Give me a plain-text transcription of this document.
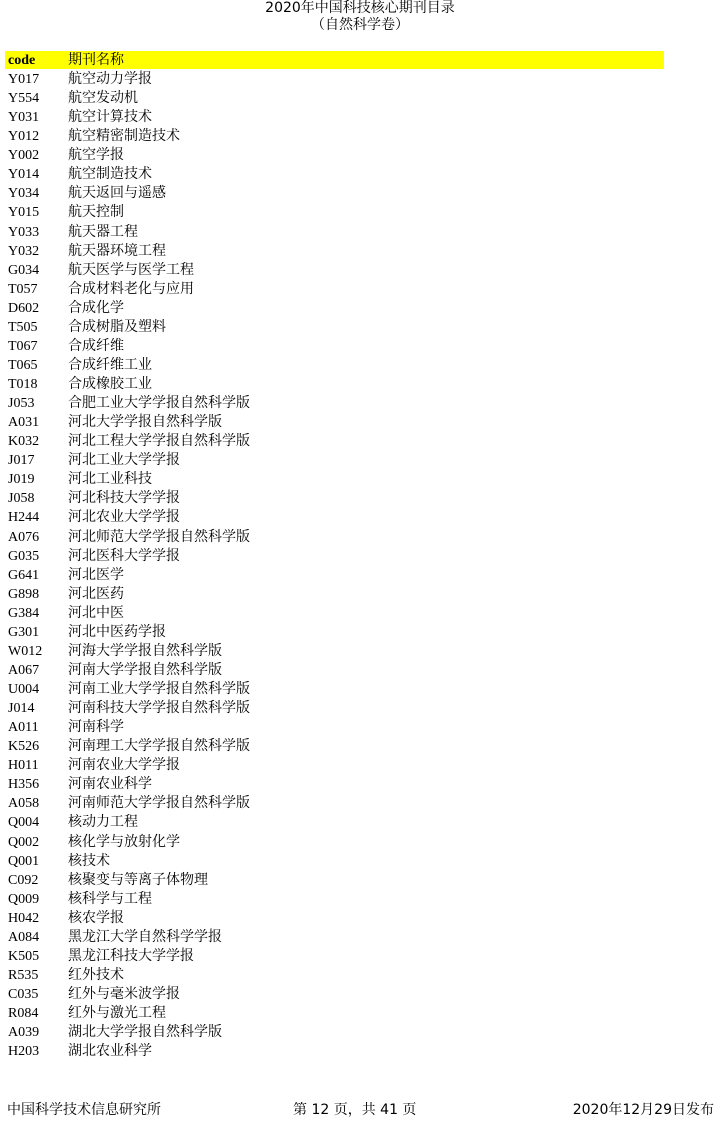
2020年中国科技核心期刊目录
（自然科学卷）
code 期刊名称
Y017 航空动力学报
Y554 航空发动机
Y031 航空计算技术
Y012 航空精密制造技术
Y002 航空学报
Y014 航空制造技术
Y034 航天返回与遥感
Y015 航天控制
Y033 航天器工程
Y032 航天器环境工程
G034 航天医学与医学工程
T057 合成材料老化与应用
D602 合成化学
T505 合成树脂及塑料
T067 合成纤维
T065 合成纤维工业
T018 合成橡胶工业
J053 合肥工业大学学报自然科学版
A031 河北大学学报自然科学版
K032 河北工程大学学报自然科学版
J017 河北工业大学学报
J019 河北工业科技
J058 河北科技大学学报
H244 河北农业大学学报
A076 河北师范大学学报自然科学版
G035 河北医科大学学报
G641 河北医学
G898 河北医药
G384 河北中医
G301 河北中医药学报
W012 河海大学学报自然科学版
A067 河南大学学报自然科学版
U004 河南工业大学学报自然科学版
J014 河南科技大学学报自然科学版
A011 河南科学
K526 河南理工大学学报自然科学版
H011 河南农业大学学报
H356 河南农业科学
A058 河南师范大学学报自然科学版
Q004 核动力工程
Q002 核化学与放射化学
Q001 核技术
C092 核聚变与等离子体物理
Q009 核科学与工程
H042 核农学报
A084 黑龙江大学自然科学学报
K505 黑龙江科技大学学报
R535 红外技术
C035 红外与毫米波学报
R084 红外与激光工程
A039 湖北大学学报自然科学版
H203 湖北农业科学
中国科学技术信息研究所	第 12 页，共 41 页	2020年12月29日发布
